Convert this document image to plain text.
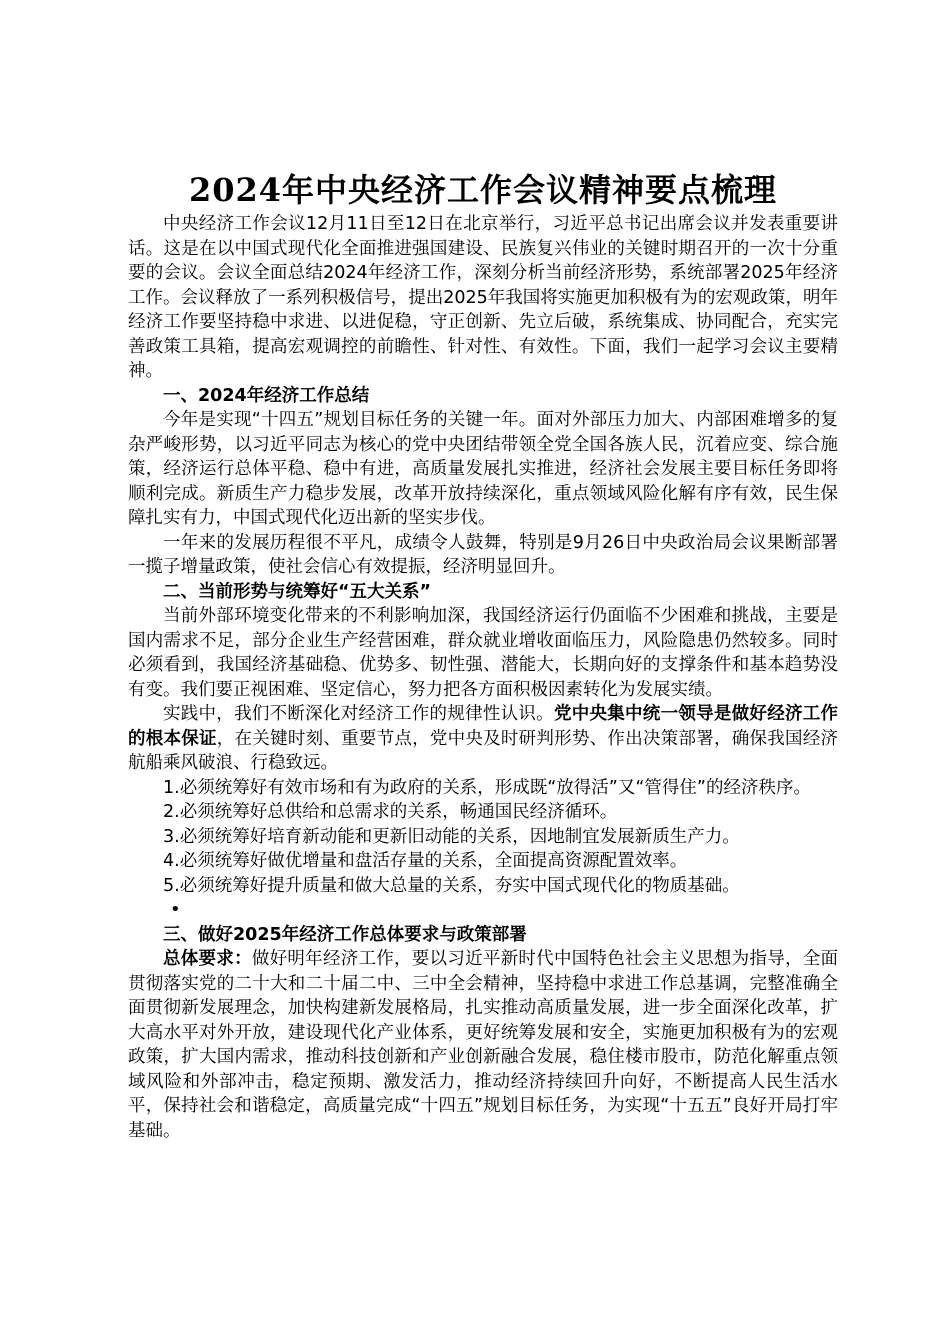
2024年中央经济工作会议精神要点梳理

中央经济工作会议12月11日至12日在北京举行，习近平总书记出席会议并发表重要讲话。这是在以中国式现代化全面推进强国建设、民族复兴伟业的关键时期召开的一次十分重要的会议。会议全面总结2024年经济工作，深刻分析当前经济形势，系统部署2025年经济工作。会议释放了一系列积极信号，提出2025年我国将实施更加积极有为的宏观政策，明年经济工作要坚持稳中求进、以进促稳，守正创新、先立后破，系统集成、协同配合，充实完善政策工具箱，提高宏观调控的前瞻性、针对性、有效性。下面，我们一起学习会议主要精神。

一、2024年经济工作总结

今年是实现“十四五”规划目标任务的关键一年。面对外部压力加大、内部困难增多的复杂严峻形势，以习近平同志为核心的党中央团结带领全党全国各族人民，沉着应变、综合施策，经济运行总体平稳、稳中有进，高质量发展扎实推进，经济社会发展主要目标任务即将顺利完成。新质生产力稳步发展，改革开放持续深化，重点领域风险化解有序有效，民生保障扎实有力，中国式现代化迈出新的坚实步伐。

一年来的发展历程很不平凡，成绩令人鼓舞，特别是9月26日中央政治局会议果断部署一揽子增量政策，使社会信心有效提振，经济明显回升。

二、当前形势与统筹好“五大关系”

当前外部环境变化带来的不利影响加深，我国经济运行仍面临不少困难和挑战，主要是国内需求不足，部分企业生产经营困难，群众就业增收面临压力，风险隐患仍然较多。同时必须看到，我国经济基础稳、优势多、韧性强、潜能大，长期向好的支撑条件和基本趋势没有变。我们要正视困难、坚定信心，努力把各方面积极因素转化为发展实绩。

实践中，我们不断深化对经济工作的规律性认识。党中央集中统一领导是做好经济工作的根本保证，在关键时刻、重要节点，党中央及时研判形势、作出决策部署，确保我国经济航船乘风破浪、行稳致远。

1.必须统筹好有效市场和有为政府的关系，形成既“放得活”又“管得住”的经济秩序。

2.必须统筹好总供给和总需求的关系，畅通国民经济循环。

3.必须统筹好培育新动能和更新旧动能的关系，因地制宜发展新质生产力。

4.必须统筹好做优增量和盘活存量的关系，全面提高资源配置效率。

5.必须统筹好提升质量和做大总量的关系，夯实中国式现代化的物质基础。

•

三、做好2025年经济工作总体要求与政策部署

总体要求：做好明年经济工作，要以习近平新时代中国特色社会主义思想为指导，全面贯彻落实党的二十大和二十届二中、三中全会精神，坚持稳中求进工作总基调，完整准确全面贯彻新发展理念，加快构建新发展格局，扎实推动高质量发展，进一步全面深化改革，扩大高水平对外开放，建设现代化产业体系，更好统筹发展和安全，实施更加积极有为的宏观政策，扩大国内需求，推动科技创新和产业创新融合发展，稳住楼市股市，防范化解重点领域风险和外部冲击，稳定预期、激发活力，推动经济持续回升向好，不断提高人民生活水平，保持社会和谐稳定，高质量完成“十四五”规划目标任务，为实现“十五五”良好开局打牢基础。
